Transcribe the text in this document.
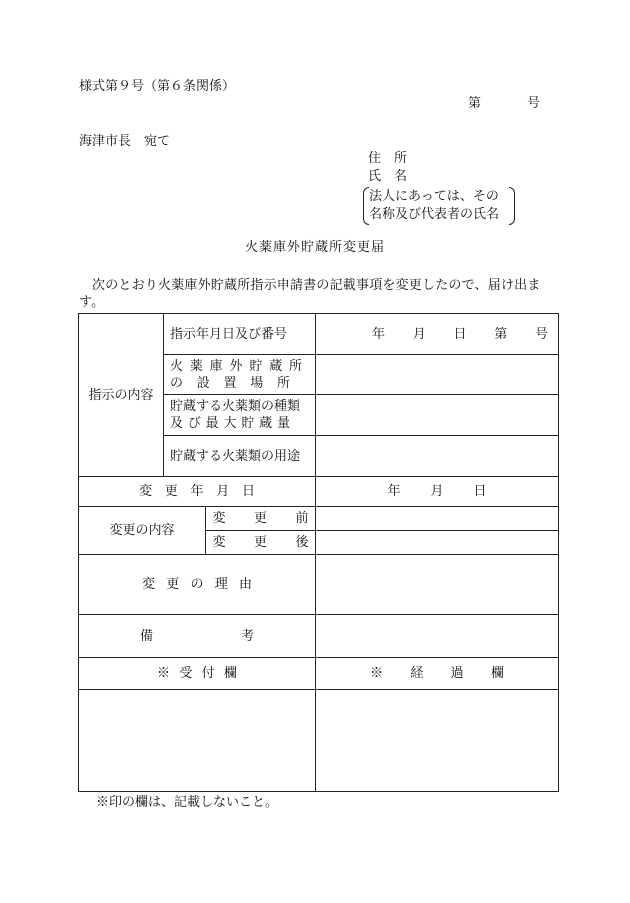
様式第９号（第６条関係）
第	号
海津市長　宛て
住　所
氏　名
法人にあっては、その
名称及び代表者の氏名
火薬庫外貯蔵所変更届
次のとおり火薬庫外貯蔵所指示申請書の記載事項を変更したので、届け出ます。
指示の内容	指示年月日及び番号		年 月 日 第 号

	火薬庫外貯蔵所
の設置場所		

	貯蔵する火薬類の種類
及び最大貯蔵量		

	貯蔵する火薬類の用途		

変更年月日			年 月 日

変更の内容		変更前	

		変更後	

変更の理由			

備考			

※受付欄			※経過欄

※印の欄は、記載しないこと。
